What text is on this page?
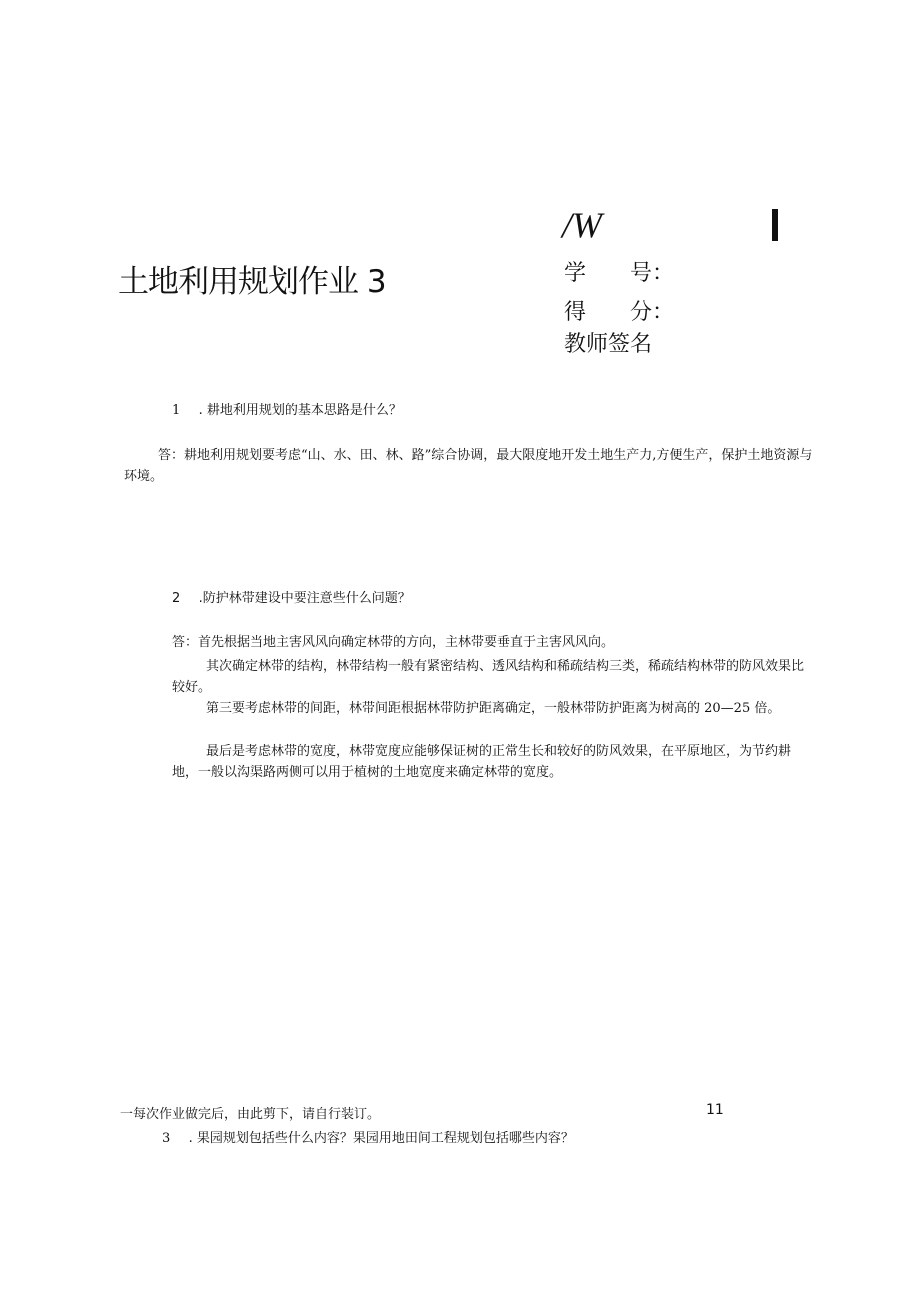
土地利用规划作业 3
/W
学　　号：
得　　分：
教师签名
1 . 耕地利用规划的基本思路是什么？
答：耕地利用规划要考虑“山、水、田、林、路”综合协调，最大限度地开发土地生产力,方便生产，保护土地资源与环境。
2 .防护林带建设中要注意些什么问题？
答：首先根据当地主害风风向确定林带的方向，主林带要垂直于主害风风向。
其次确定林带的结构，林带结构一般有紧密结构、透风结构和稀疏结构三类，稀疏结构林带的防风效果比较好。
第三要考虑林带的间距，林带间距根据林带防护距离确定，一般林带防护距离为树高的 20—25 倍。
最后是考虑林带的宽度，林带宽度应能够保证树的正常生长和较好的防风效果，在平原地区，为节约耕地，一般以沟渠路两侧可以用于植树的土地宽度来确定林带的宽度。
一每次作业做完后，由此剪下，请自行装订。	11
3 . 果园规划包括些什么内容？果园用地田间工程规划包括哪些内容？
